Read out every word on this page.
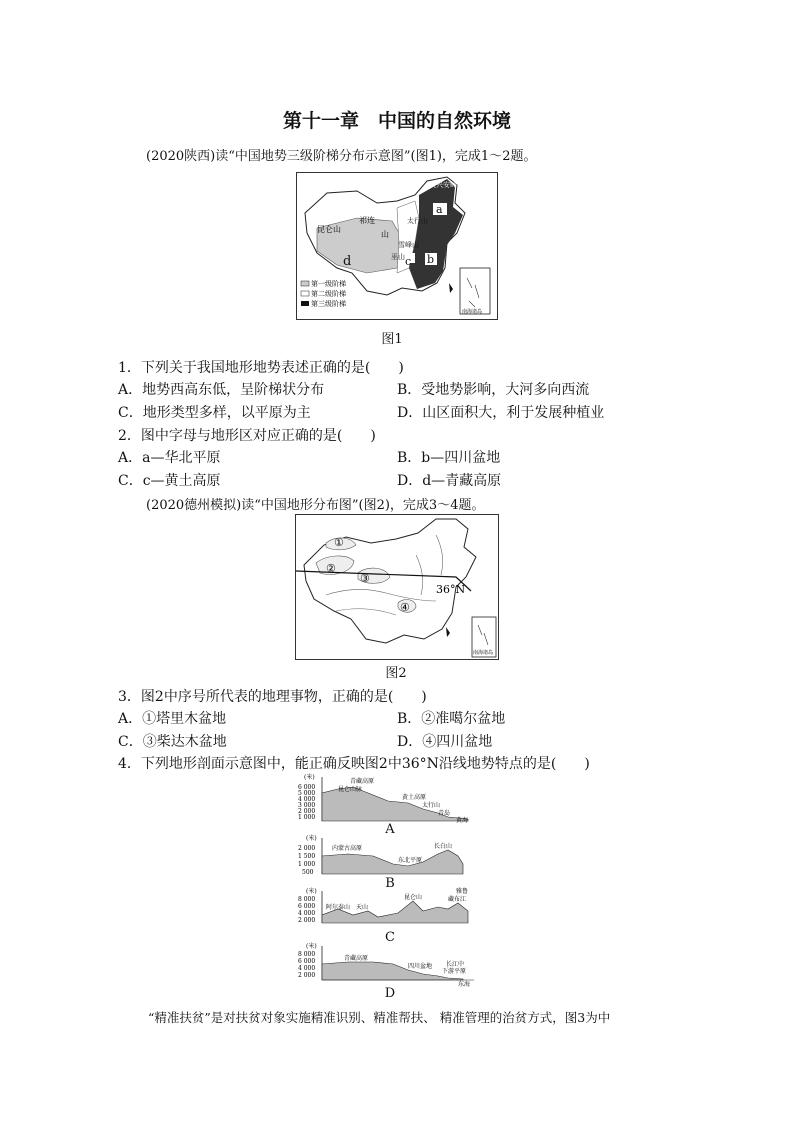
第十一章　中国的自然环境
(2020陕西)读“中国地势三级阶梯分布示意图”(图1)，完成1～2题。
a
b
c
d
昆仑山
祁连
山
大兴安岭
太行山
雪峰山
巫山
第一级阶梯
第二级阶梯
第三级阶梯
南海诸岛
图1
1．下列关于我国地形地势表述正确的是(　　)
A．地势西高东低，呈阶梯状分布	B．受地势影响，大河多向西流
C．地形类型多样，以平原为主	D．山区面积大，利于发展种植业
2．图中字母与地形区对应正确的是(　　)
A．a—华北平原	B．b—四川盆地
C．c—黄土高原	D．d—青藏高原
(2020德州模拟)读“中国地形分布图”(图2)，完成3～4题。
①
②
③
④
36°N
南海诸岛
图2
3．图2中序号所代表的地理事物，正确的是(　　)
A．①塔里木盆地	B．②准噶尔盆地
C．③柴达木盆地	D．④四川盆地
4．下列地形剖面示意图中，能正确反映图2中36°N沿线地势特点的是(　　)
(米)
6 000
5 000
4 000
3 000
2 000
1 000
青藏高原
昆仑山脉
黄土高原
太行山
青岛
黄海
A
(米)
2 000
1 500
1 000
500
内蒙古高原	长白山
东北平原
B
(米)
8 000
6 000
4 000
2 000
阿尔泰山 天山
昆仑山
雅鲁
藏布江
C
(米)
8 000
6 000
4 000
2 000
青藏高原
四川盆地 长江中
下游平原
东海
D
“精准扶贫”是对扶贫对象实施精准识别、精准帮扶、 精准管理的治贫方式，图3为中
